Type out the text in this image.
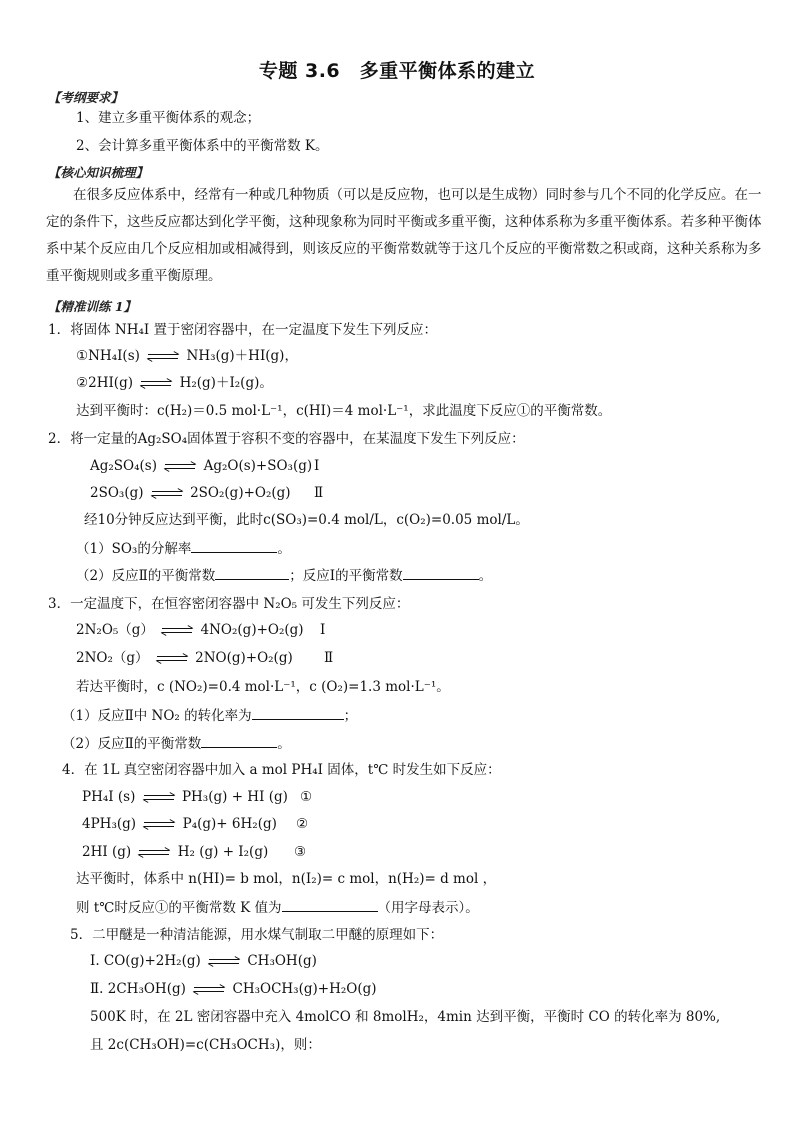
专题 3.6　多重平衡体系的建立
【考纲要求】
1、建立多重平衡体系的观念；
2、会计算多重平衡体系中的平衡常数 K。
【核心知识梳理】
在很多反应体系中，经常有一种或几种物质（可以是反应物，也可以是生成物）同时参与几个不同的化学反应。在一定的条件下，这些反应都达到化学平衡，这种现象称为同时平衡或多重平衡，这种体系称为多重平衡体系。若多种平衡体系中某个反应由几个反应相加或相减得到，则该反应的平衡常数就等于这几个反应的平衡常数之积或商，这种关系称为多重平衡规则或多重平衡原理。
【精准训练 1】
1．将固体 NH₄I 置于密闭容器中，在一定温度下发生下列反应：
①NH₄I(s)	NH₃(g)＋HI(g)，
②2HI(g)	H₂(g)＋I₂(g)。
达到平衡时：c(H₂)＝0.5 mol·L⁻¹，c(HI)＝4 mol·L⁻¹，求此温度下反应①的平衡常数。
2．将一定量的Ag₂SO₄固体置于容积不变的容器中，在某温度下发生下列反应：
Ag₂SO₄(s)	Ag₂O(s)+SO₃(g) Ⅰ
2SO₃(g)	2SO₂(g)+O₂(g) Ⅱ
经10分钟反应达到平衡，此时c(SO₃)=0.4 mol/L，c(O₂)=0.05 mol/L。
（1）SO₃的分解率	。
（2）反应Ⅱ的平衡常数	；反应Ⅰ的平衡常数	。
3．一定温度下，在恒容密闭容器中 N₂O₅ 可发生下列反应：
2N₂O₅（g）	4NO₂(g)+O₂(g) Ⅰ
2NO₂（g）	2NO(g)+O₂(g) Ⅱ
若达平衡时，c (NO₂)=0.4 mol·L⁻¹，c (O₂)=1.3 mol·L⁻¹。
（1）反应Ⅱ中 NO₂ 的转化率为	；
（2）反应Ⅱ的平衡常数	。
4．在 1L 真空密闭容器中加入 a mol PH₄I 固体，t℃ 时发生如下反应：
PH₄I (s)	PH₃(g) + HI (g) ①
4PH₃(g)	P₄(g)+ 6H₂(g) ②
2HI (g)	H₂ (g) + I₂(g) ③
达平衡时，体系中 n(HI)= b mol，n(I₂)= c mol，n(H₂)= d mol ，
则 t℃时反应①的平衡常数 K 值为	（用字母表示）。
5．二甲醚是一种清洁能源，用水煤气制取二甲醚的原理如下：
Ⅰ. CO(g)+2H₂(g)	CH₃OH(g)
Ⅱ. 2CH₃OH(g)	CH₃OCH₃(g)+H₂O(g)
500K 时，在 2L 密闭容器中充入 4molCO 和 8molH₂，4min 达到平衡，平衡时 CO 的转化率为 80%,
且 2c(CH₃OH)=c(CH₃OCH₃)，则：
